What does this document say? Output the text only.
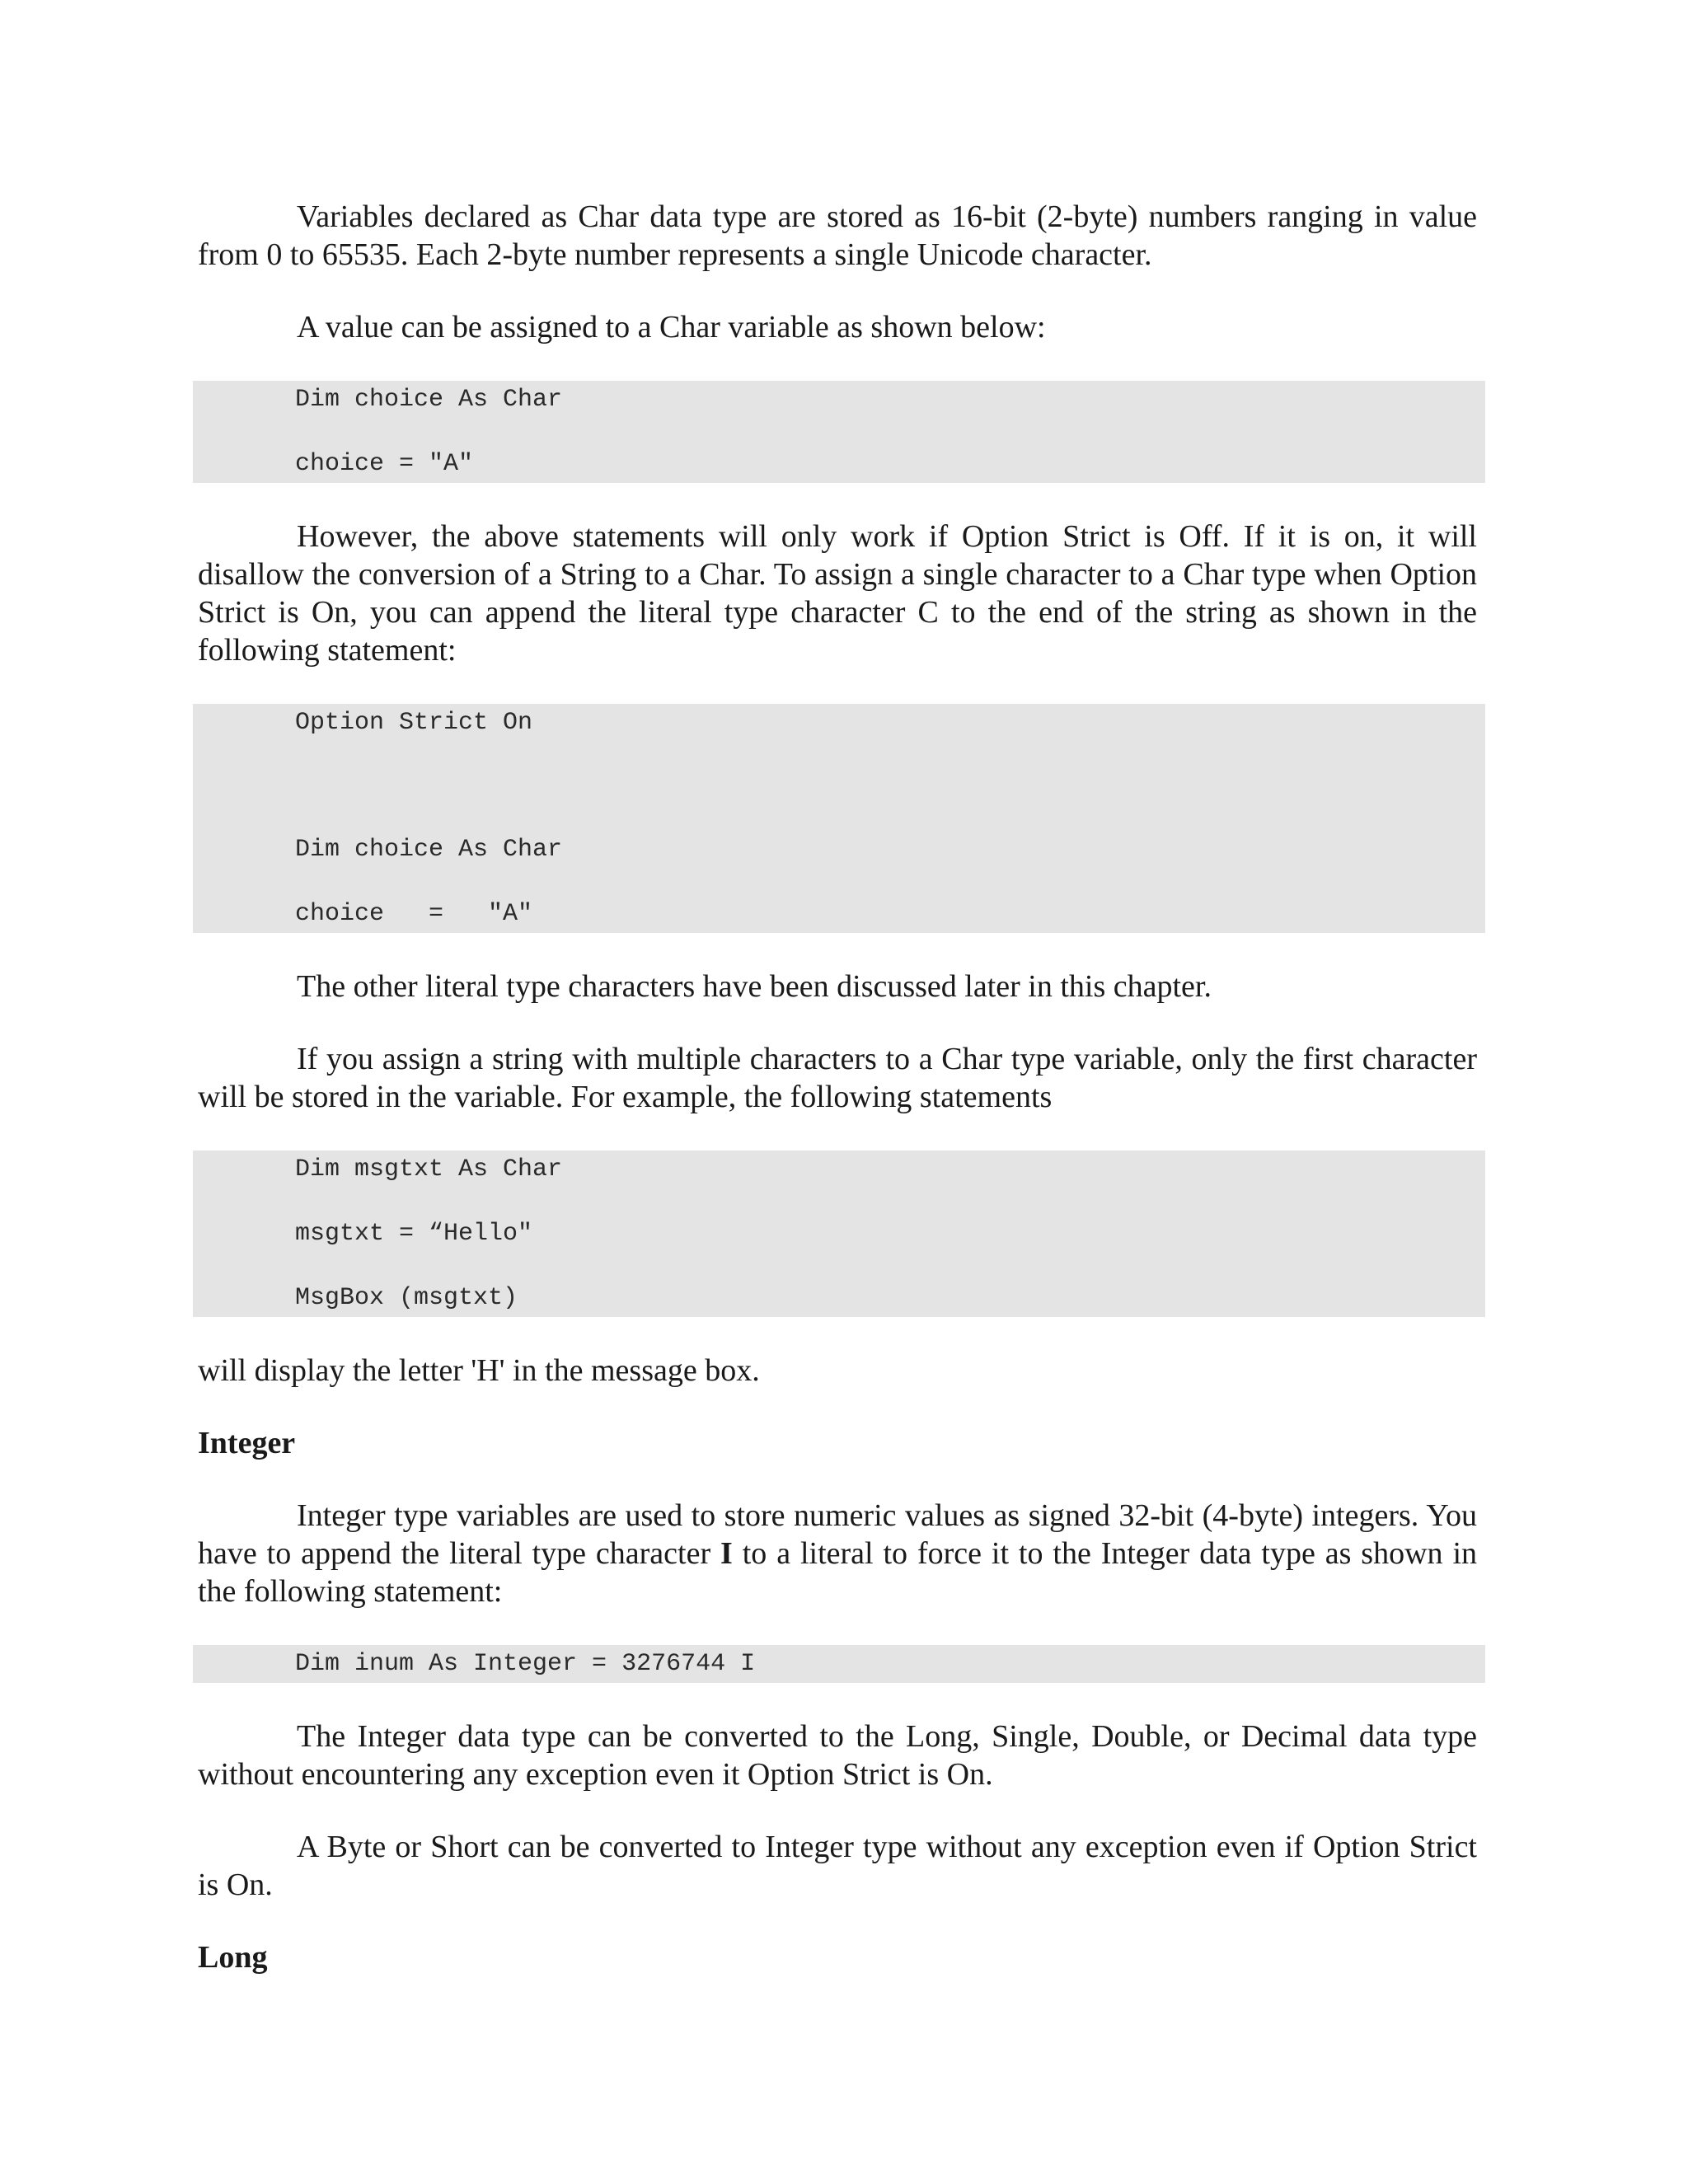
Variables declared as Char data type are stored as 16-bit (2-byte) numbers ranging in value from 0 to 65535. Each 2-byte number represents a single Unicode character.

A value can be assigned to a Char variable as shown below:

Dim choice As Char
choice = "A"

However, the above statements will only work if Option Strict is Off. If it is on, it will disallow the conversion of a String to a Char. To assign a single character to a Char type when Option Strict is On, you can append the literal type character C to the end of the string as shown in the following statement:

Option Strict On
Dim choice As Char
choice   =   "A"

The other literal type characters have been discussed later in this chapter.

If you assign a string with multiple characters to a Char type variable, only the first character will be stored in the variable. For example, the following statements

Dim msgtxt As Char
msgtxt = “Hello"
MsgBox (msgtxt)

will display the letter 'H' in the message box.

Integer

Integer type variables are used to store numeric values as signed 32-bit (4-byte) integers. You have to append the literal type character I to a literal to force it to the Integer data type as shown in the following statement:

Dim inum As Integer = 3276744 I

The Integer data type can be converted to the Long, Single, Double, or Decimal data type without encountering any exception even it Option Strict is On.

A Byte or Short can be converted to Integer type without any exception even if Option Strict is On.

Long
